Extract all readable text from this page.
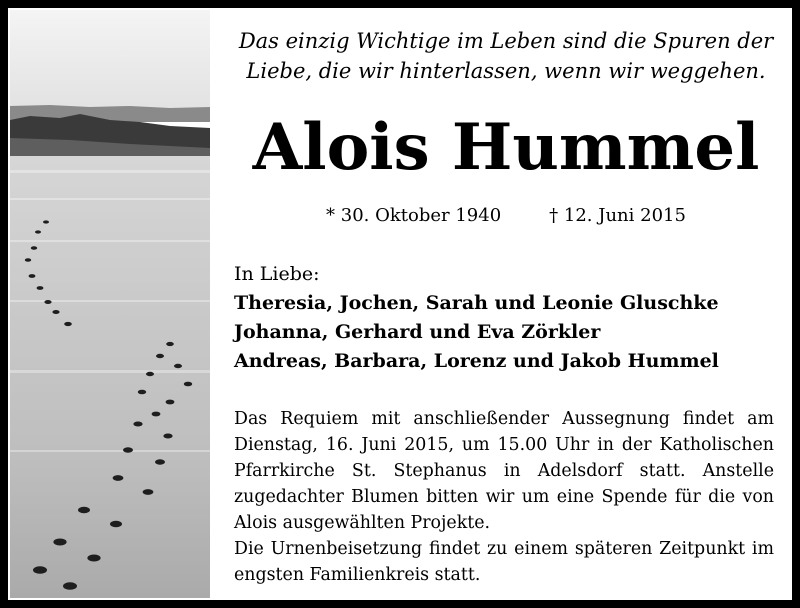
Das einzig Wichtige im Leben sind die Spuren der
Liebe, die wir hinterlassen, wenn wir weggehen.
Alois Hummel
* 30. Oktober 1940	† 12. Juni 2015
In Liebe:
Theresia, Jochen, Sarah und Leonie Gluschke
Johanna, Gerhard und Eva Zörkler
Andreas, Barbara, Lorenz und Jakob Hummel

Das Requiem mit anschließender Aussegnung findet am Dienstag, 16. Juni 2015, um 15.00 Uhr in der Katholischen Pfarrkirche St. Stephanus in Adelsdorf statt. Anstelle zugedachter Blumen bitten wir um eine Spende für die von Alois ausgewählten Projekte.

Die Urnenbeisetzung findet zu einem späteren Zeitpunkt im engsten Familienkreis statt.
